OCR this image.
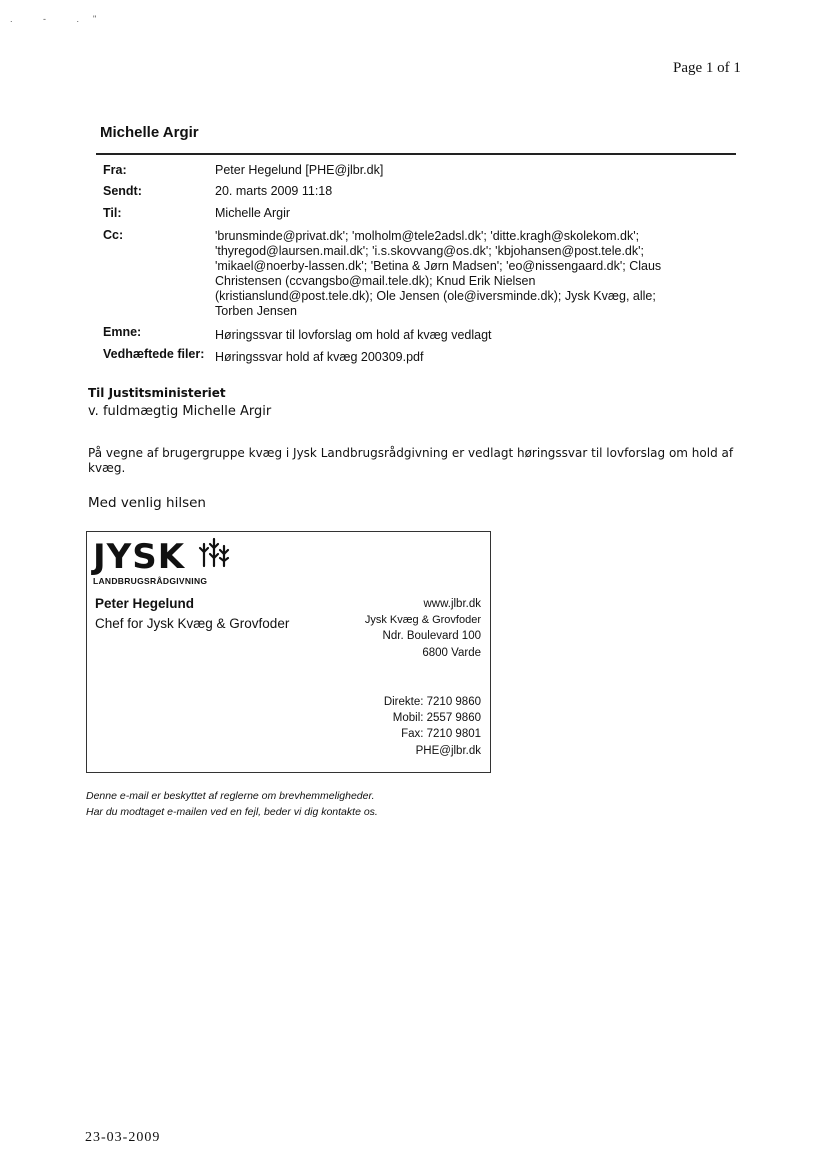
. - ."
Page 1 of 1
Michelle Argir
Fra:	Peter Hegelund [PHE@jlbr.dk]
Sendt:	20. marts 2009 11:18
Til:	Michelle Argir
Cc:	'brunsminde@privat.dk'; 'molholm@tele2adsl.dk'; 'ditte.kragh@skolekom.dk';
'thyregod@laursen.mail.dk'; 'i.s.skovvang@os.dk'; 'kbjohansen@post.tele.dk';
'mikael@noerby-lassen.dk'; 'Betina & Jørn Madsen'; 'eo@nissengaard.dk'; Claus
Christensen (ccvangsbo@mail.tele.dk); Knud Erik Nielsen
(kristianslund@post.tele.dk); Ole Jensen (ole@iversminde.dk); Jysk Kvæg, alle;
Torben Jensen
Emne:	Høringssvar til lovforslag om hold af kvæg vedlagt
Vedhæftede filer: Høringssvar hold af kvæg 200309.pdf
Til Justitsministeriet
v. fuldmægtig Michelle Argir
På vegne af brugergruppe kvæg i Jysk Landbrugsrådgivning er vedlagt høringssvar til lovforslag om hold af
kvæg.
Med venlig hilsen
JYSK
LANDBRUGSRÅDGIVNING
Peter Hegelund
Chef for Jysk Kvæg & Grovfoder
www.jlbr.dk
Jysk Kvæg & Grovfoder
Ndr. Boulevard 100
6800 Varde
Direkte: 7210 9860
Mobil: 2557 9860
Fax: 7210 9801
PHE@jlbr.dk
Denne e-mail er beskyttet af reglerne om brevhemmeligheder.
Har du modtaget e-mailen ved en fejl, beder vi dig kontakte os.
23-03-2009
